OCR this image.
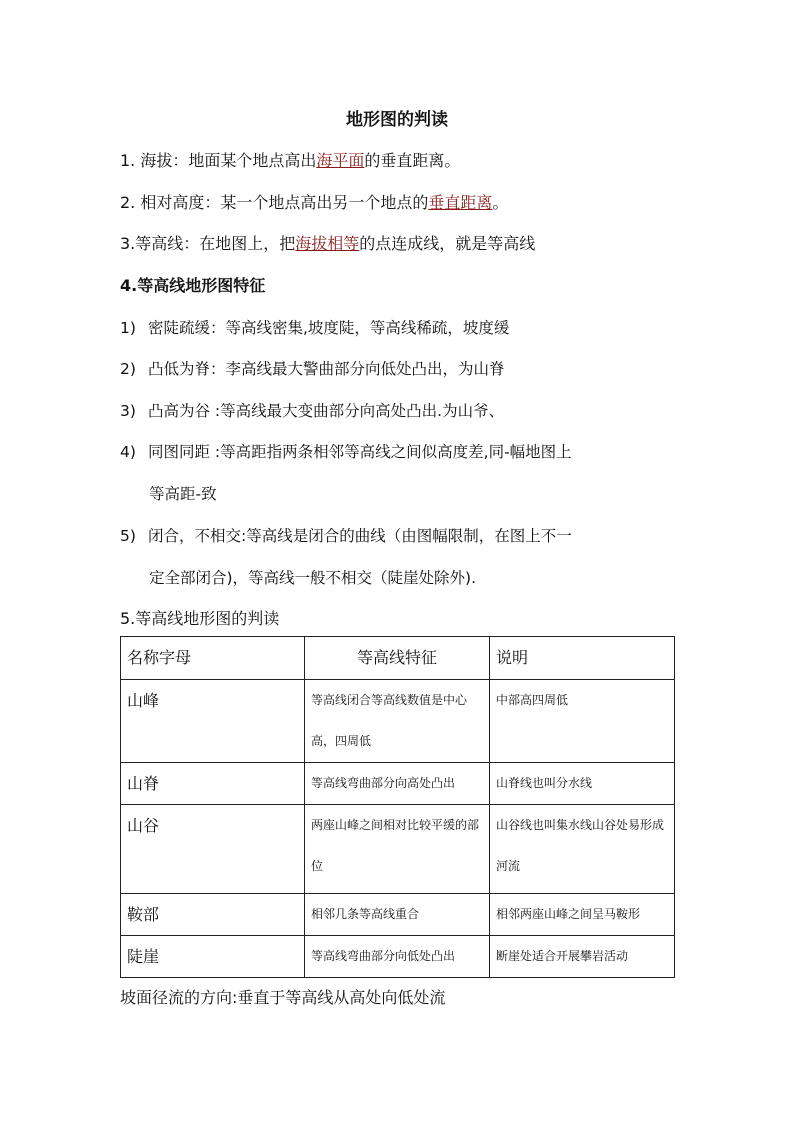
地形图的判读
1. 海拔：地面某个地点高出海平面的垂直距离。
2. 相对高度：某一个地点高出另一个地点的垂直距离。
3.等高线：在地图上，把海拔相等的点连成线，就是等高线
4.等高线地形图特征
1) 密陡疏缓：等高线密集,坡度陡，等高线稀疏，坡度缓
2) 凸低为脊：李高线最大警曲部分向低处凸出，为山脊
3) 凸高为谷 :等高线最大变曲部分向高处凸出.为山爷、
4) 同图同距 :等高距指两条相邻等高线之间似高度差,同-幅地图上
等高距-致
5) 闭合，不相交:等高线是闭合的曲线（由图幅限制，在图上不一
定全部闭合)，等高线一般不相交（陡崖处除外).
5.等高线地形图的判读
名称字母	等高线特征	说明
山峰	等高线闭合等高线数值是中心高，四周低	中部高四周低
山脊	等高线弯曲部分向高处凸出	山脊线也叫分水线
山谷	两座山峰之间相对比较平缓的部位	山谷线也叫集水线山谷处易形成河流
鞍部	相邻几条等高线重合	相邻两座山峰之间呈马鞍形
陡崖	等高线弯曲部分向低处凸出	断崖处适合开展攀岩活动
坡面径流的方向:垂直于等高线从高处向低处流
